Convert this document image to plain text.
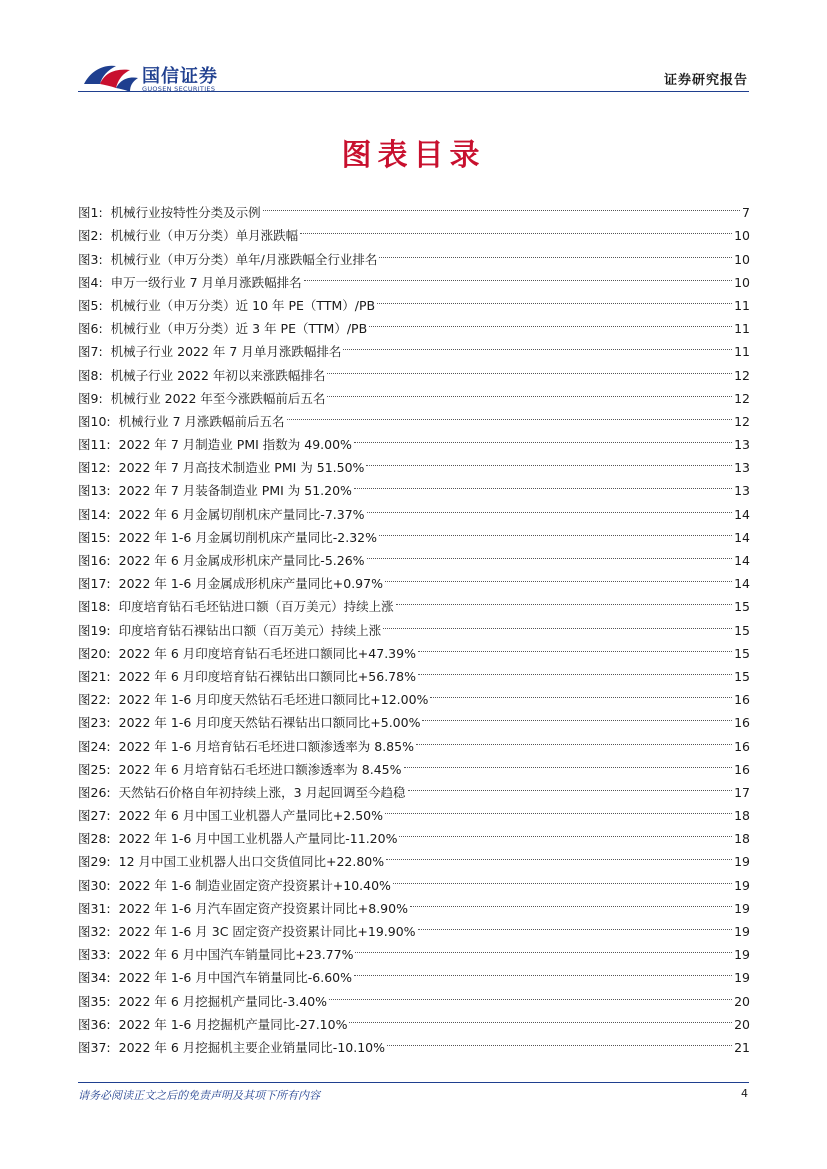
国信证券
GUOSEN SECURITIES
证券研究报告
图表目录
图1: 机械行业按特性分类及示例	7
图2: 机械行业（申万分类）单月涨跌幅	10
图3: 机械行业（申万分类）单年/月涨跌幅全行业排名	10
图4: 申万一级行业 7 月单月涨跌幅排名	10
图5: 机械行业（申万分类）近 10 年 PE（TTM）/PB	11
图6: 机械行业（申万分类）近 3 年 PE（TTM）/PB	11
图7: 机械子行业 2022 年 7 月单月涨跌幅排名	11
图8: 机械子行业 2022 年初以来涨跌幅排名	12
图9: 机械行业 2022 年至今涨跌幅前后五名	12
图10: 机械行业 7 月涨跌幅前后五名	12
图11: 2022 年 7 月制造业 PMI 指数为 49.00%	13
图12: 2022 年 7 月高技术制造业 PMI 为 51.50%	13
图13: 2022 年 7 月装备制造业 PMI 为 51.20%	13
图14: 2022 年 6 月金属切削机床产量同比-7.37%	14
图15: 2022 年 1-6 月金属切削机床产量同比-2.32%	14
图16: 2022 年 6 月金属成形机床产量同比-5.26%	14
图17: 2022 年 1-6 月金属成形机床产量同比+0.97%	14
图18: 印度培育钻石毛坯钻进口额（百万美元）持续上涨	15
图19: 印度培育钻石裸钻出口额（百万美元）持续上涨	15
图20: 2022 年 6 月印度培育钻石毛坯进口额同比+47.39%	15
图21: 2022 年 6 月印度培育钻石裸钻出口额同比+56.78%	15
图22: 2022 年 1-6 月印度天然钻石毛坯进口额同比+12.00%	16
图23: 2022 年 1-6 月印度天然钻石裸钻出口额同比+5.00%	16
图24: 2022 年 1-6 月培育钻石毛坯进口额渗透率为 8.85%	16
图25: 2022 年 6 月培育钻石毛坯进口额渗透率为 8.45%	16
图26: 天然钻石价格自年初持续上涨，3 月起回调至今趋稳	17
图27: 2022 年 6 月中国工业机器人产量同比+2.50%	18
图28: 2022 年 1-6 月中国工业机器人产量同比-11.20%	18
图29: 12 月中国工业机器人出口交货值同比+22.80%	19
图30: 2022 年 1-6 制造业固定资产投资累计+10.40%	19
图31: 2022 年 1-6 月汽车固定资产投资累计同比+8.90%	19
图32: 2022 年 1-6 月 3C 固定资产投资累计同比+19.90%	19
图33: 2022 年 6 月中国汽车销量同比+23.77%	19
图34: 2022 年 1-6 月中国汽车销量同比-6.60%	19
图35: 2022 年 6 月挖掘机产量同比-3.40%	20
图36: 2022 年 1-6 月挖掘机产量同比-27.10%	20
图37: 2022 年 6 月挖掘机主要企业销量同比-10.10%	21
请务必阅读正文之后的免责声明及其项下所有内容	4
